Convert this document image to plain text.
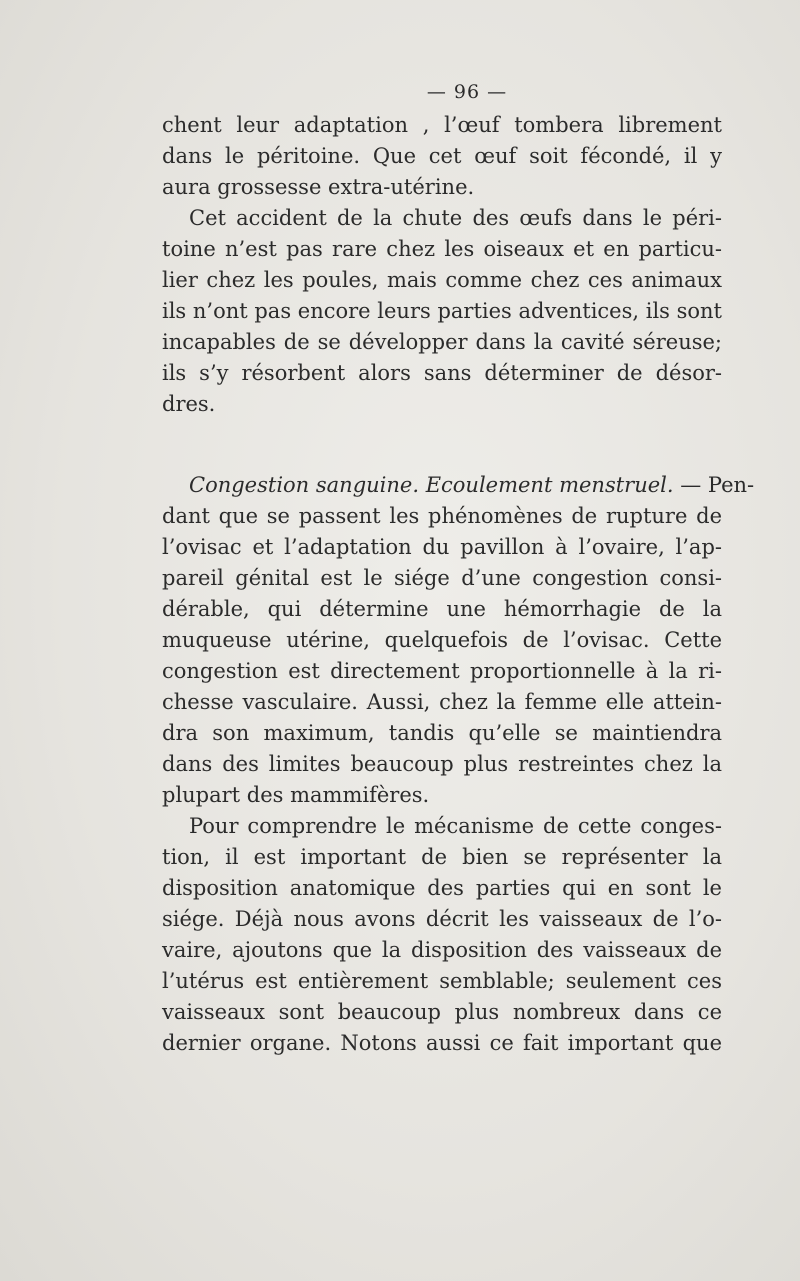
— 96 —
chent leur adaptation , l’œuf tombera librement
dans le péritoine. Que cet œuf soit fécondé, il y
aura grossesse extra-utérine.
Cet accident de la chute des œufs dans le péri-
toine n’est pas rare chez les oiseaux et en particu-
lier chez les poules, mais comme chez ces animaux
ils n’ont pas encore leurs parties adventices, ils sont
incapables de se développer dans la cavité séreuse;
ils s’y résorbent alors sans déterminer de désor-
dres.
Congestion sanguine. Ecoulement menstruel. — Pen-
dant que se passent les phénomènes de rupture de
l’ovisac et l’adaptation du pavillon à l’ovaire, l’ap-
pareil génital est le siége d’une congestion consi-
dérable, qui détermine une hémorrhagie de la
muqueuse utérine, quelquefois de l’ovisac. Cette
congestion est directement proportionnelle à la ri-
chesse vasculaire. Aussi, chez la femme elle attein-
dra son maximum, tandis qu’elle se maintiendra
dans des limites beaucoup plus restreintes chez la
plupart des mammifères.
Pour comprendre le mécanisme de cette conges-
tion, il est important de bien se représenter la
disposition anatomique des parties qui en sont le
siége. Déjà nous avons décrit les vaisseaux de l’o-
vaire, ajoutons que la disposition des vaisseaux de
l’utérus est entièrement semblable; seulement ces
vaisseaux sont beaucoup plus nombreux dans ce
dernier organe. Notons aussi ce fait important que
